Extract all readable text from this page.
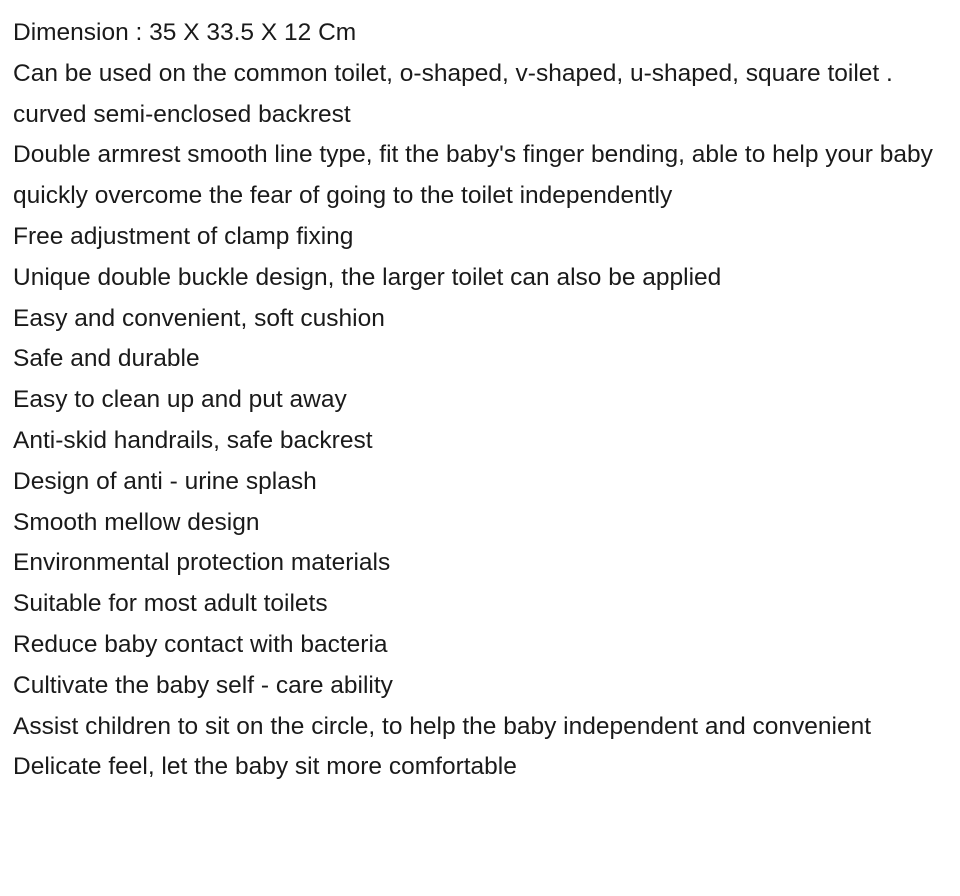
Dimension : 35 X 33.5 X 12 Cm

Can be used on the common toilet, o-shaped, v-shaped, u-shaped, square toilet .

curved semi-enclosed backrest

Double armrest smooth line type, fit the baby's finger bending, able to help your baby quickly overcome the fear of going to the toilet independently

Free adjustment of clamp fixing

Unique double buckle design, the larger toilet can also be applied

Easy and convenient, soft cushion

Safe and durable

Easy to clean up and put away

Anti-skid handrails, safe backrest

Design of anti - urine splash

Smooth mellow design

Environmental protection materials

Suitable for most adult toilets

Reduce baby contact with bacteria

Cultivate the baby self - care ability

Assist children to sit on the circle, to help the baby independent and convenient

Delicate feel, let the baby sit more comfortable
